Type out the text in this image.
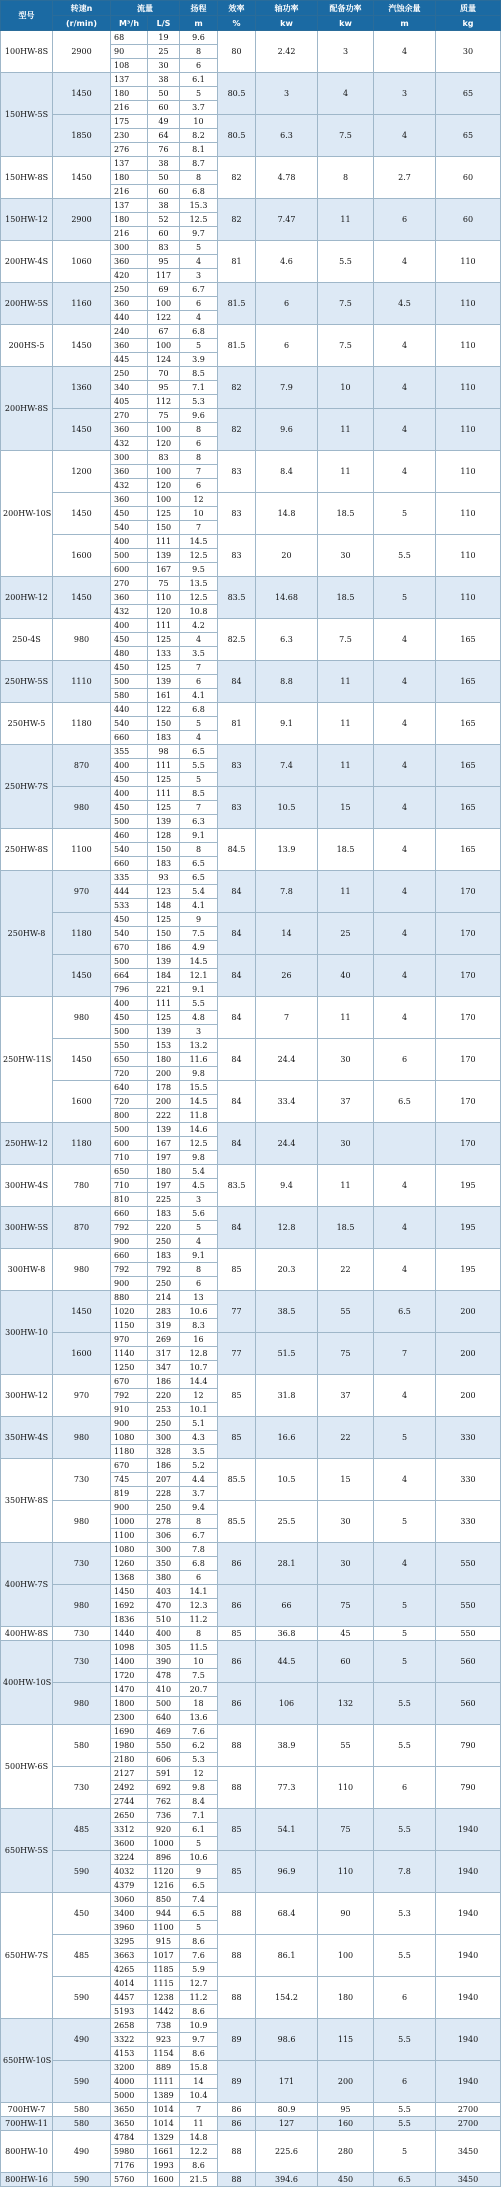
型号	转速n	流量		扬程	效率	轴功率	配备功率	汽蚀余量	质量
	(r/min)	M³/h	L/S	m	%	kw	kw	m	kg
100HW-8S	2900	68	19	9.6	80	2.42	3	4	30
		90	25	8					
		108	30	6					
150HW-5S	1450	137	38	6.1	80.5	3	4	3	65
		180	50	5					
		216	60	3.7					
	1850	175	49	10	80.5	6.3	7.5	4	65
		230	64	8.2					
		276	76	8.1					
150HW-8S	1450	137	38	8.7	82	4.78	8	2.7	60
		180	50	8					
		216	60	6.8					
150HW-12	2900	137	38	15.3	82	7.47	11	6	60
		180	52	12.5					
		216	60	9.7					
200HW-4S	1060	300	83	5	81	4.6	5.5	4	110
		360	95	4					
		420	117	3					
200HW-5S	1160	250	69	6.7	81.5	6	7.5	4.5	110
		360	100	6					
		440	122	4					
200HS-5	1450	240	67	6.8	81.5	6	7.5	4	110
		360	100	5					
		445	124	3.9					
200HW-8S	1360	250	70	8.5	82	7.9	10	4	110
		340	95	7.1					
		405	112	5.3					
	1450	270	75	9.6	82	9.6	11	4	110
		360	100	8					
		432	120	6					
200HW-10S	1200	300	83	8	83	8.4	11	4	110
		360	100	7					
		432	120	6					
	1450	360	100	12	83	14.8	18.5	5	110
		450	125	10					
		540	150	7					
	1600	400	111	14.5	83	20	30	5.5	110
		500	139	12.5					
		600	167	9.5					
200HW-12	1450	270	75	13.5	83.5	14.68	18.5	5	110
		360	110	12.5					
		432	120	10.8					
250-4S	980	400	111	4.2	82.5	6.3	7.5	4	165
		450	125	4					
		480	133	3.5					
250HW-5S	1110	450	125	7	84	8.8	11	4	165
		500	139	6					
		580	161	4.1					
250HW-5	1180	440	122	6.8	81	9.1	11	4	165
		540	150	5					
		660	183	4					
250HW-7S	870	355	98	6.5	83	7.4	11	4	165
		400	111	5.5					
		450	125	5					
	980	400	111	8.5	83	10.5	15	4	165
		450	125	7					
		500	139	6.3					
250HW-8S	1100	460	128	9.1	84.5	13.9	18.5	4	165
		540	150	8					
		660	183	6.5					
250HW-8	970	335	93	6.5	84	7.8	11	4	170
		444	123	5.4					
		533	148	4.1					
	1180	450	125	9	84	14	25	4	170
		540	150	7.5					
		670	186	4.9					
	1450	500	139	14.5	84	26	40	4	170
		664	184	12.1					
		796	221	9.1					
250HW-11S	980	400	111	5.5	84	7	11	4	170
		450	125	4.8					
		500	139	3					
	1450	550	153	13.2	84	24.4	30	6	170
		650	180	11.6					
		720	200	9.8					
	1600	640	178	15.5	84	33.4	37	6.5	170
		720	200	14.5					
		800	222	11.8					
250HW-12	1180	500	139	14.6	84	24.4	30		170
		600	167	12.5					
		710	197	9.8					
300HW-4S	780	650	180	5.4	83.5	9.4	11	4	195
		710	197	4.5					
		810	225	3					
300HW-5S	870	660	183	5.6	84	12.8	18.5	4	195
		792	220	5					
		900	250	4					
300HW-8	980	660	183	9.1	85	20.3	22	4	195
		792	792	8					
		900	250	6					
300HW-10	1450	880	214	13	77	38.5	55	6.5	200
		1020	283	10.6					
		1150	319	8.3					
	1600	970	269	16	77	51.5	75	7	200
		1140	317	12.8					
		1250	347	10.7					
300HW-12	970	670	186	14.4	85	31.8	37	4	200
		792	220	12					
		910	253	10.1					
350HW-4S	980	900	250	5.1	85	16.6	22	5	330
		1080	300	4.3					
		1180	328	3.5					
350HW-8S	730	670	186	5.2	85.5	10.5	15	4	330
		745	207	4.4					
		819	228	3.7					
	980	900	250	9.4	85.5	25.5	30	5	330
		1000	278	8					
		1100	306	6.7					
400HW-7S	730	1080	300	7.8	86	28.1	30	4	550
		1260	350	6.8					
		1368	380	6					
	980	1450	403	14.1	86	66	75	5	550
		1692	470	12.3					
		1836	510	11.2					
400HW-8S	730	1440	400	8	85	36.8	45	5	550
400HW-10S	730	1098	305	11.5	86	44.5	60	5	560
		1400	390	10					
		1720	478	7.5					
	980	1470	410	20.7	86	106	132	5.5	560
		1800	500	18					
		2300	640	13.6					
500HW-6S	580	1690	469	7.6	88	38.9	55	5.5	790
		1980	550	6.2					
		2180	606	5.3					
	730	2127	591	12	88	77.3	110	6	790
		2492	692	9.8					
		2744	762	8.4					
650HW-5S	485	2650	736	7.1	85	54.1	75	5.5	1940
		3312	920	6.1					
		3600	1000	5					
	590	3224	896	10.6	85	96.9	110	7.8	1940
		4032	1120	9					
		4379	1216	6.5					
650HW-7S	450	3060	850	7.4	88	68.4	90	5.3	1940
		3400	944	6.5					
		3960	1100	5					
	485	3295	915	8.6	88	86.1	100	5.5	1940
		3663	1017	7.6					
		4265	1185	5.9					
	590	4014	1115	12.7	88	154.2	180	6	1940
		4457	1238	11.2					
		5193	1442	8.6					
650HW-10S	490	2658	738	10.9	89	98.6	115	5.5	1940
		3322	923	9.7					
		4153	1154	8.6					
	590	3200	889	15.8	89	171	200	6	1940
		4000	1111	14					
		5000	1389	10.4					
700HW-7	580	3650	1014	7	86	80.9	95	5.5	2700
700HW-11	580	3650	1014	11	86	127	160	5.5	2700
800HW-10	490	4784	1329	14.8	88	225.6	280	5	3450
		5980	1661	12.2					
		7176	1993	8.6					
800HW-16	590	5760	1600	21.5	88	394.6	450	6.5	3450
